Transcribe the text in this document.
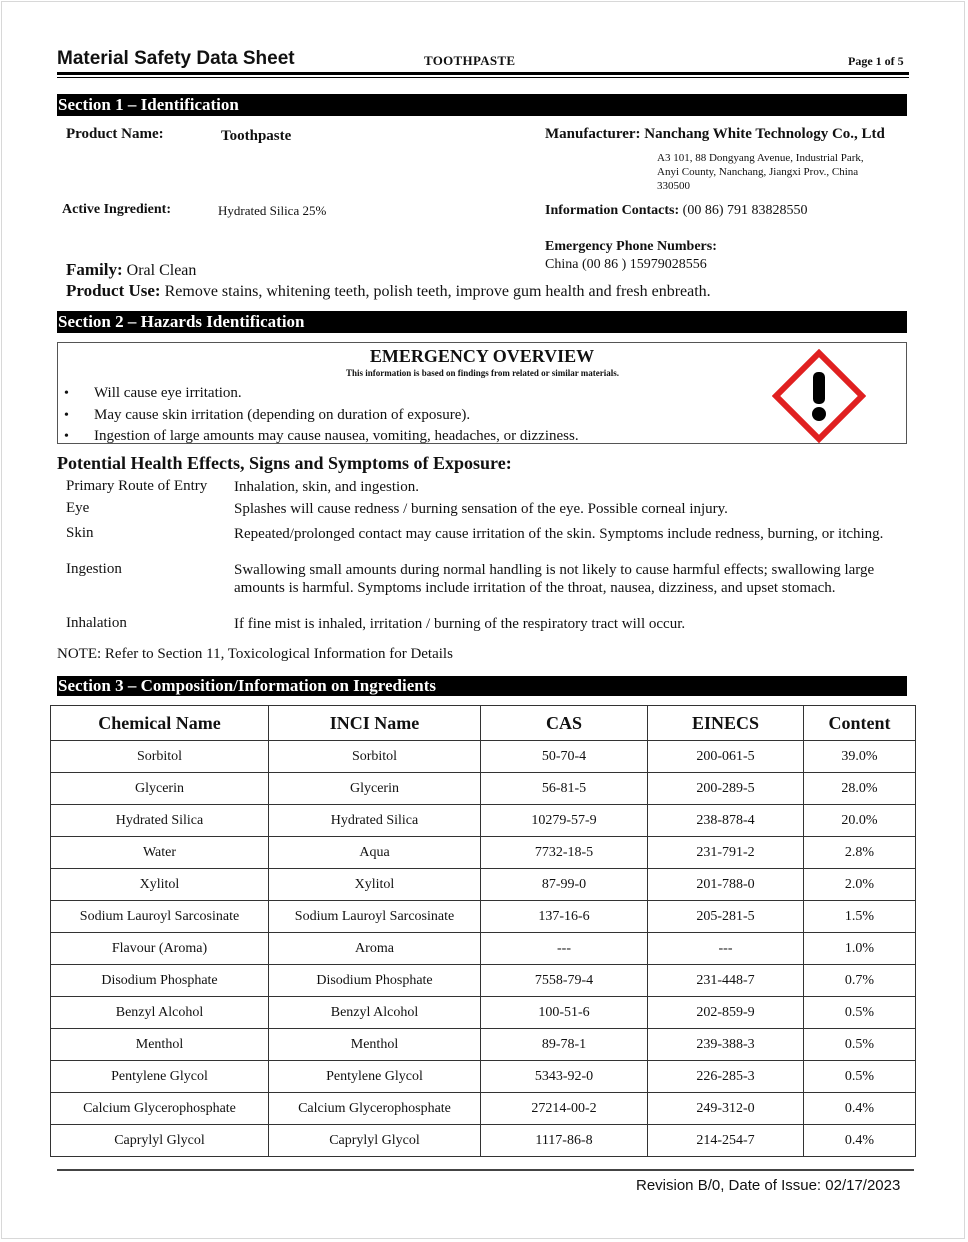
Material Safety Data Sheet	TOOTHPASTE	Page 1 of 5
Section 1 – Identification
Product Name:	Toothpaste	Manufacturer: Nanchang White Technology Co., Ltd
A3 101, 88 Dongyang Avenue, Industrial Park,
Anyi County, Nanchang, Jiangxi Prov., China
330500
Active Ingredient:	Hydrated Silica 25%	Information Contacts: (00 86) 791 83828550
Emergency Phone Numbers:
China (00 86 ) 15979028556
Family: Oral Clean
Product Use: Remove stains, whitening teeth, polish teeth, improve gum health and fresh enbreath.
Section 2 – Hazards Identification
EMERGENCY OVERVIEW
This information is based on findings from related or similar materials.
• Will cause eye irritation.
• May cause skin irritation (depending on duration of exposure).
• Ingestion of large amounts may cause nausea, vomiting, headaches, or dizziness.
Potential Health Effects, Signs and Symptoms of Exposure:
Primary Route of Entry Inhalation, skin, and ingestion.
Eye	Splashes will cause redness / burning sensation of the eye. Possible corneal injury.
Skin	Repeated/prolonged contact may cause irritation of the skin. Symptoms include redness, burning, or itching.
Ingestion	Swallowing small amounts during normal handling is not likely to cause harmful effects; swallowing large amounts is harmful. Symptoms include irritation of the throat, nausea, dizziness, and upset stomach.
Inhalation	If fine mist is inhaled, irritation / burning of the respiratory tract will occur.
NOTE: Refer to Section 11, Toxicological Information for Details
Section 3 – Composition/Information on Ingredients
Chemical Name	INCI Name	CAS	EINECS	Content
Sorbitol	Sorbitol	50-70-4	200-061-5	39.0%
Glycerin	Glycerin	56-81-5	200-289-5	28.0%
Hydrated Silica	Hydrated Silica	10279-57-9	238-878-4	20.0%
Water	Aqua	7732-18-5	231-791-2	2.8%
Xylitol	Xylitol	87-99-0	201-788-0	2.0%
Sodium Lauroyl Sarcosinate	Sodium Lauroyl Sarcosinate	137-16-6	205-281-5	1.5%
Flavour (Aroma)	Aroma	---	---	1.0%
Disodium Phosphate	Disodium Phosphate	7558-79-4	231-448-7	0.7%
Benzyl Alcohol	Benzyl Alcohol	100-51-6	202-859-9	0.5%
Menthol	Menthol	89-78-1	239-388-3	0.5%
Pentylene Glycol	Pentylene Glycol	5343-92-0	226-285-3	0.5%
Calcium Glycerophosphate	Calcium Glycerophosphate	27214-00-2	249-312-0	0.4%
Caprylyl Glycol	Caprylyl Glycol	1117-86-8	214-254-7	0.4%
Revision B/0, Date of Issue: 02/17/2023
